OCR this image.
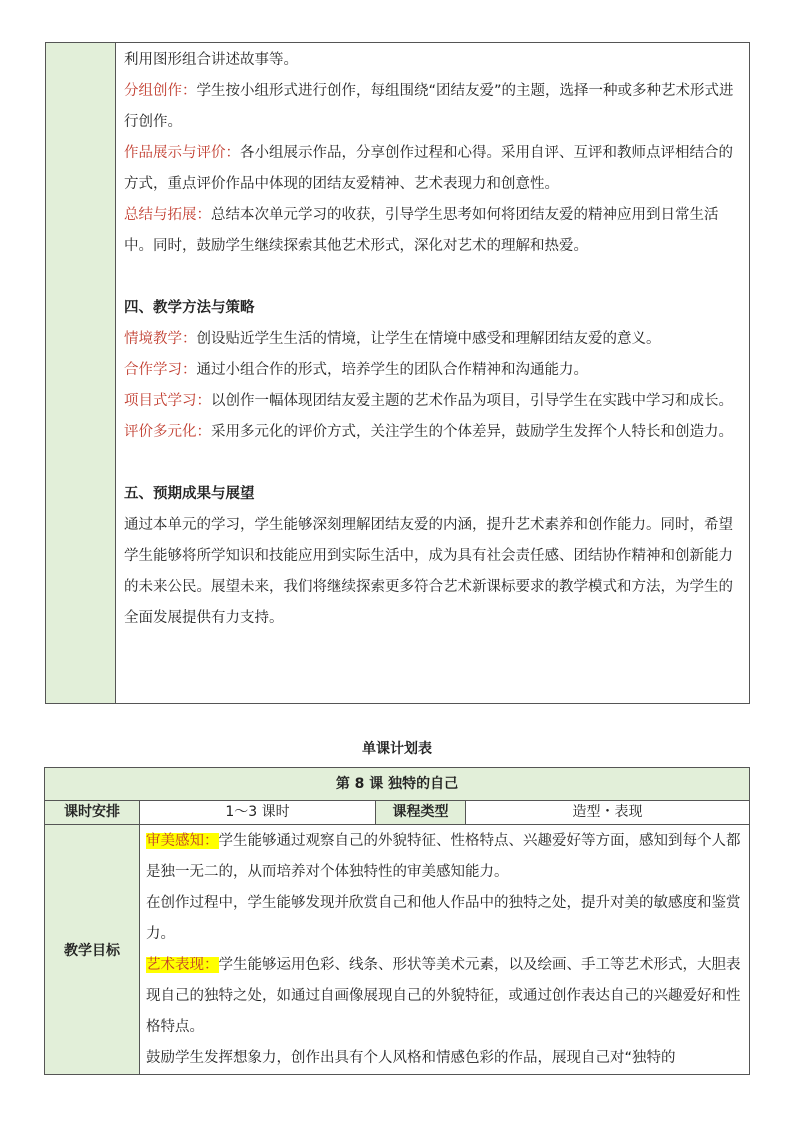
利用图形组合讲述故事等。

分组创作：学生按小组形式进行创作，每组围绕“团结友爱”的主题，选择一种或多种艺术形式进行创作。

作品展示与评价：各小组展示作品，分享创作过程和心得。采用自评、互评和教师点评相结合的方式，重点评价作品中体现的团结友爱精神、艺术表现力和创意性。

总结与拓展：总结本次单元学习的收获，引导学生思考如何将团结友爱的精神应用到日常生活中。同时，鼓励学生继续探索其他艺术形式，深化对艺术的理解和热爱。

四、教学方法与策略

情境教学：创设贴近学生生活的情境，让学生在情境中感受和理解团结友爱的意义。

合作学习：通过小组合作的形式，培养学生的团队合作精神和沟通能力。

项目式学习：以创作一幅体现团结友爱主题的艺术作品为项目，引导学生在实践中学习和成长。

评价多元化：采用多元化的评价方式，关注学生的个体差异，鼓励学生发挥个人特长和创造力。

五、预期成果与展望

通过本单元的学习，学生能够深刻理解团结友爱的内涵，提升艺术素养和创作能力。同时，希望学生能够将所学知识和技能应用到实际生活中，成为具有社会责任感、团结协作精神和创新能力的未来公民。展望未来，我们将继续探索更多符合艺术新课标要求的教学模式和方法，为学生的全面发展提供有力支持。

单课计划表
第 8 课 独特的自己
课时安排	1～3 课时	课程类型	造型・表现
教学目标

审美感知：学生能够通过观察自己的外貌特征、性格特点、兴趣爱好等方面，感知到每个人都是独一无二的，从而培养对个体独特性的审美感知能力。

在创作过程中，学生能够发现并欣赏自己和他人作品中的独特之处，提升对美的敏感度和鉴赏力。

艺术表现：学生能够运用色彩、线条、形状等美术元素，以及绘画、手工等艺术形式，大胆表现自己的独特之处，如通过自画像展现自己的外貌特征，或通过创作表达自己的兴趣爱好和性格特点。

鼓励学生发挥想象力，创作出具有个人风格和情感色彩的作品，展现自己对“独特的
